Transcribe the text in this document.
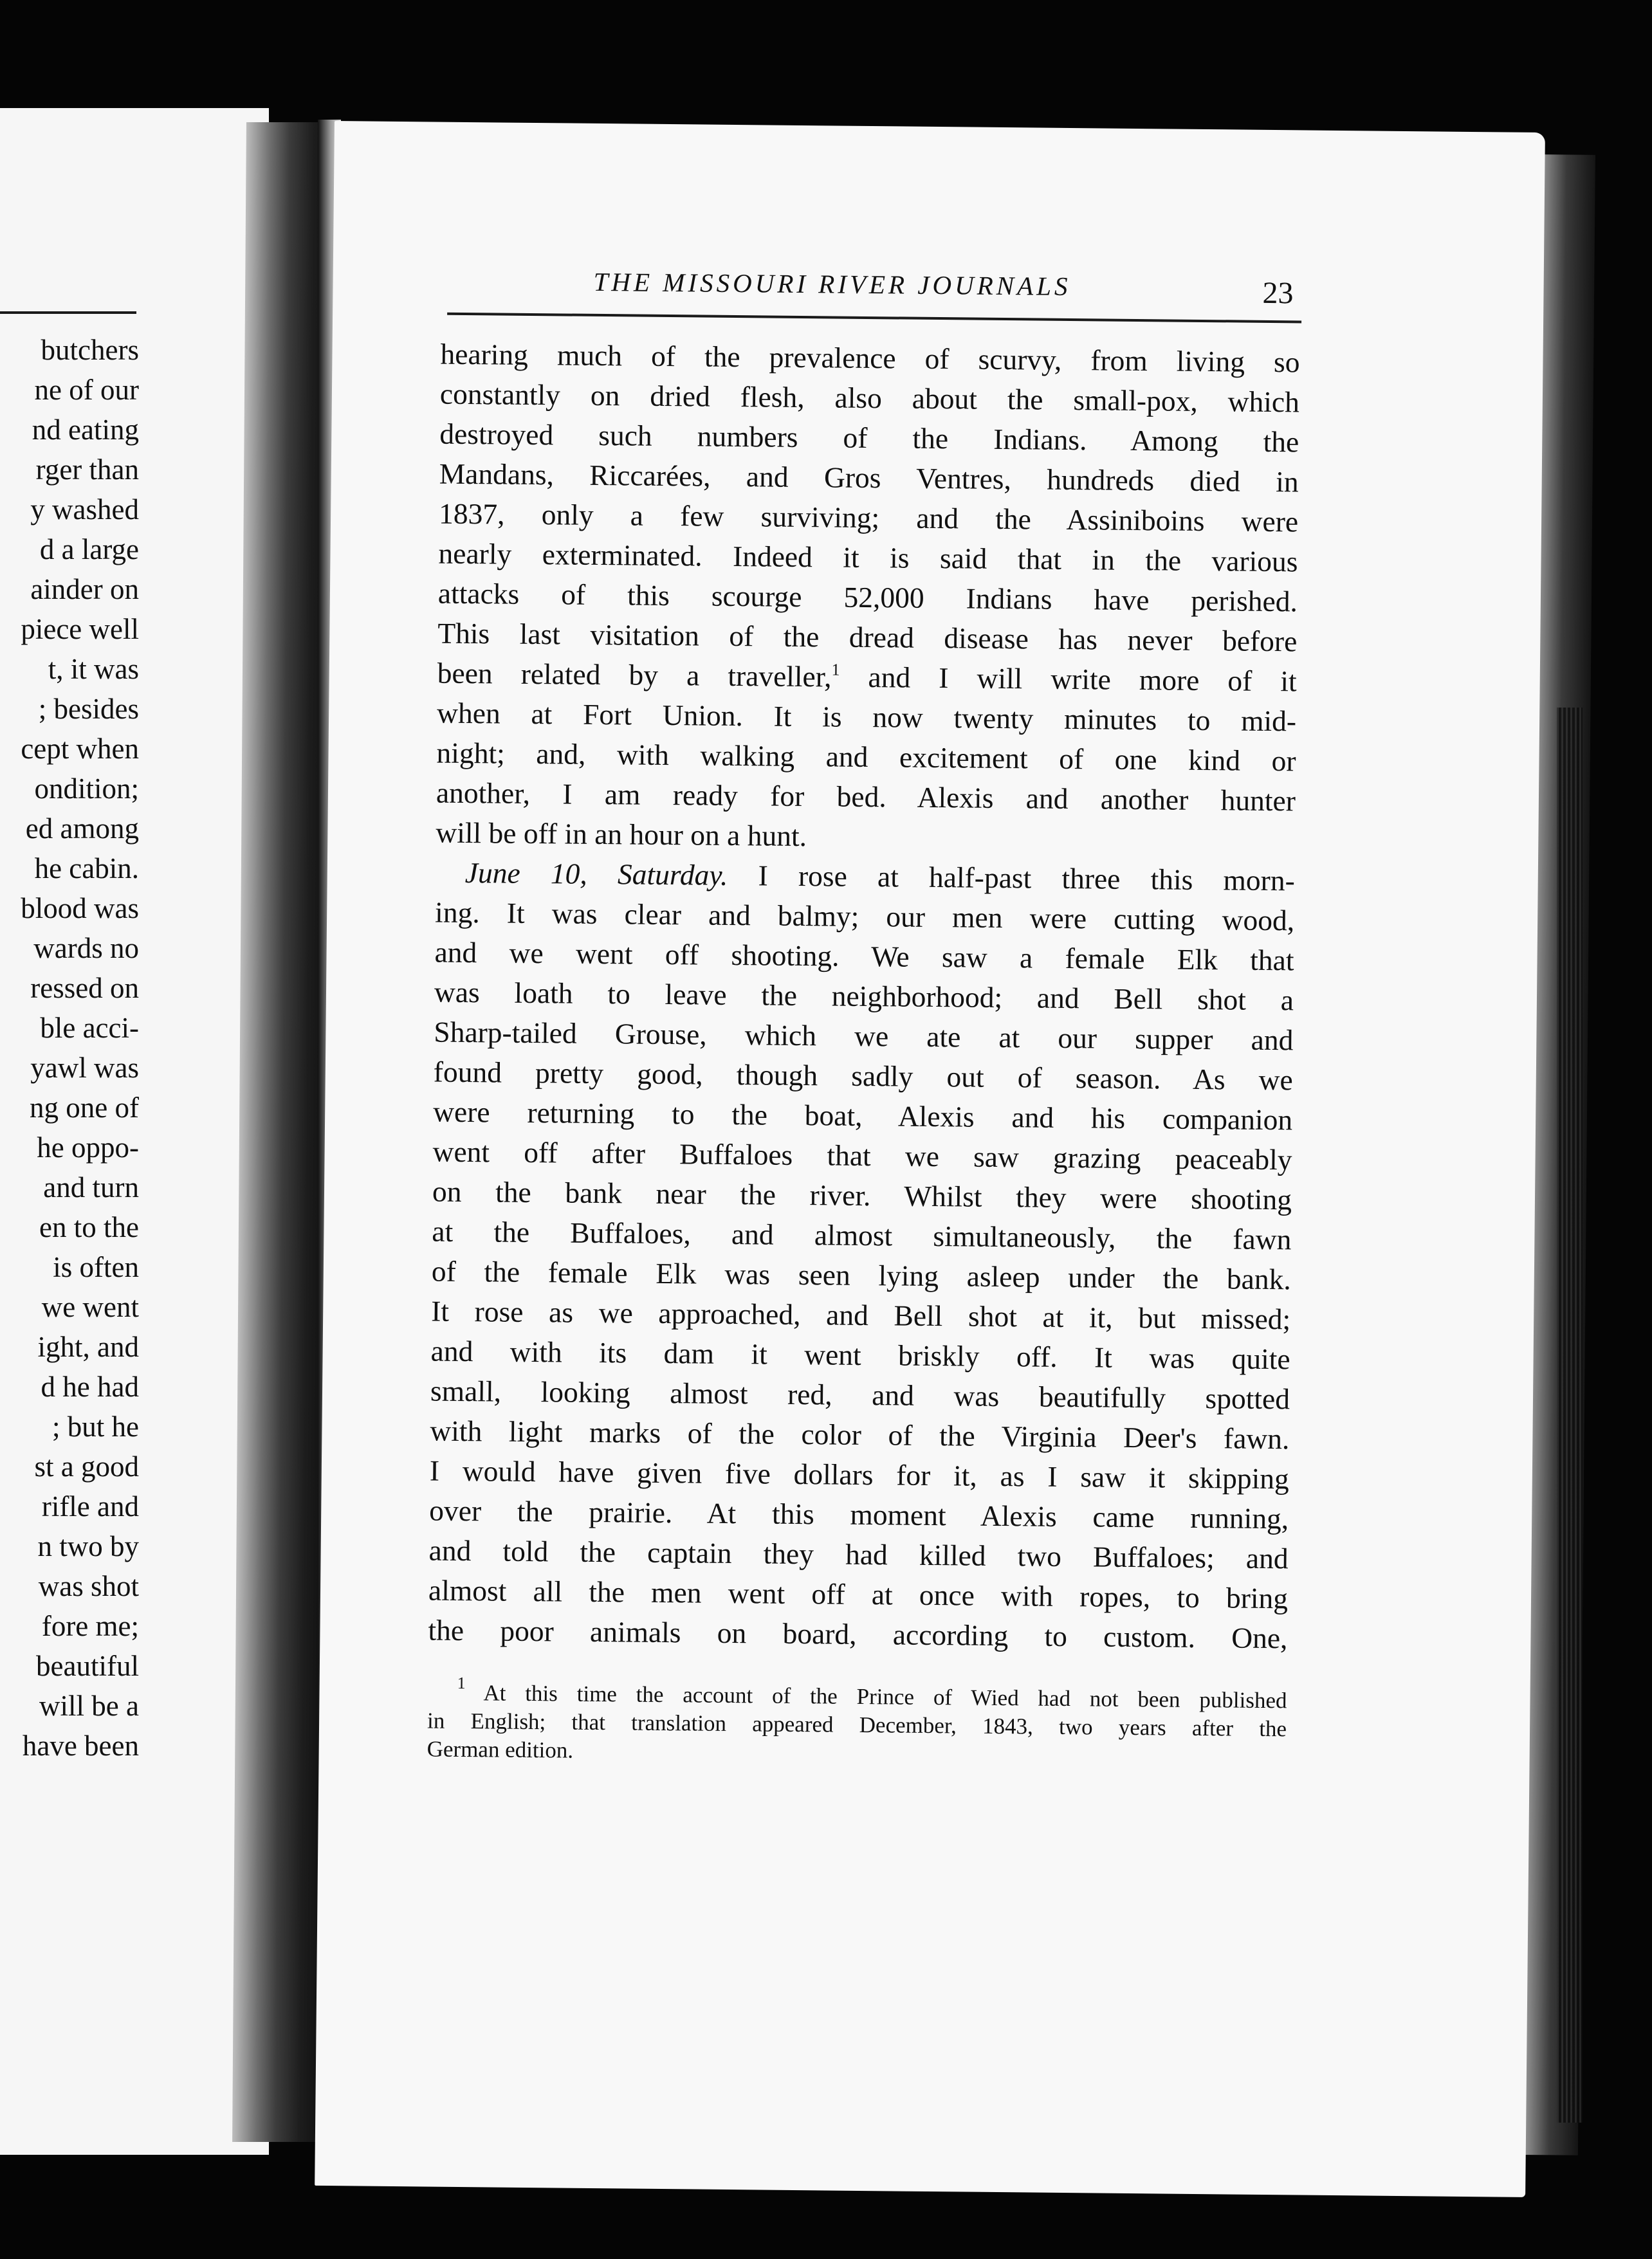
butchers
ne of our
nd eating
rger than
y washed
d a large
ainder on
piece well
t, it was
; besides
cept when
ondition;
ed among
he cabin.
blood was
wards no
ressed on
ble acci-
yawl was
ng one of
he oppo-
and turn
en to the
is often
we went
ight, and
d he had
; but he
st a good
rifle and
n two by
was shot
fore me;
beautiful
will be a
have been
THE MISSOURI RIVER JOURNALS	23
hearing much of the prevalence of scurvy, from living so
constantly on dried flesh, also about the small-pox, which
destroyed such numbers of the Indians. Among the
Mandans, Riccarées, and Gros Ventres, hundreds died in
1837, only a few surviving; and the Assiniboins were
nearly exterminated. Indeed it is said that in the various
attacks of this scourge 52,000 Indians have perished.
This last visitation of the dread disease has never before
been related by a traveller,$^1$ and I will write more of it
when at Fort Union. It is now twenty minutes to mid-
night; and, with walking and excitement of one kind or
another, I am ready for bed. Alexis and another hunter
will be off in an hour on a hunt.
June 10, Saturday. I rose at half-past three this morn-
ing. It was clear and balmy; our men were cutting wood,
and we went off shooting. We saw a female Elk that
was loath to leave the neighborhood; and Bell shot a
Sharp-tailed Grouse, which we ate at our supper and
found pretty good, though sadly out of season. As we
were returning to the boat, Alexis and his companion
went off after Buffaloes that we saw grazing peaceably
on the bank near the river. Whilst they were shooting
at the Buffaloes, and almost simultaneously, the fawn
of the female Elk was seen lying asleep under the bank.
It rose as we approached, and Bell shot at it, but missed;
and with its dam it went briskly off. It was quite
small, looking almost red, and was beautifully spotted
with light marks of the color of the Virginia Deer's fawn.
I would have given five dollars for it, as I saw it skipping
over the prairie. At this moment Alexis came running,
and told the captain they had killed two Buffaloes; and
almost all the men went off at once with ropes, to bring
the poor animals on board, according to custom. One,
$^1$ At this time the account of the Prince of Wied had not been published
in English; that translation appeared December, 1843, two years after the
German edition.
